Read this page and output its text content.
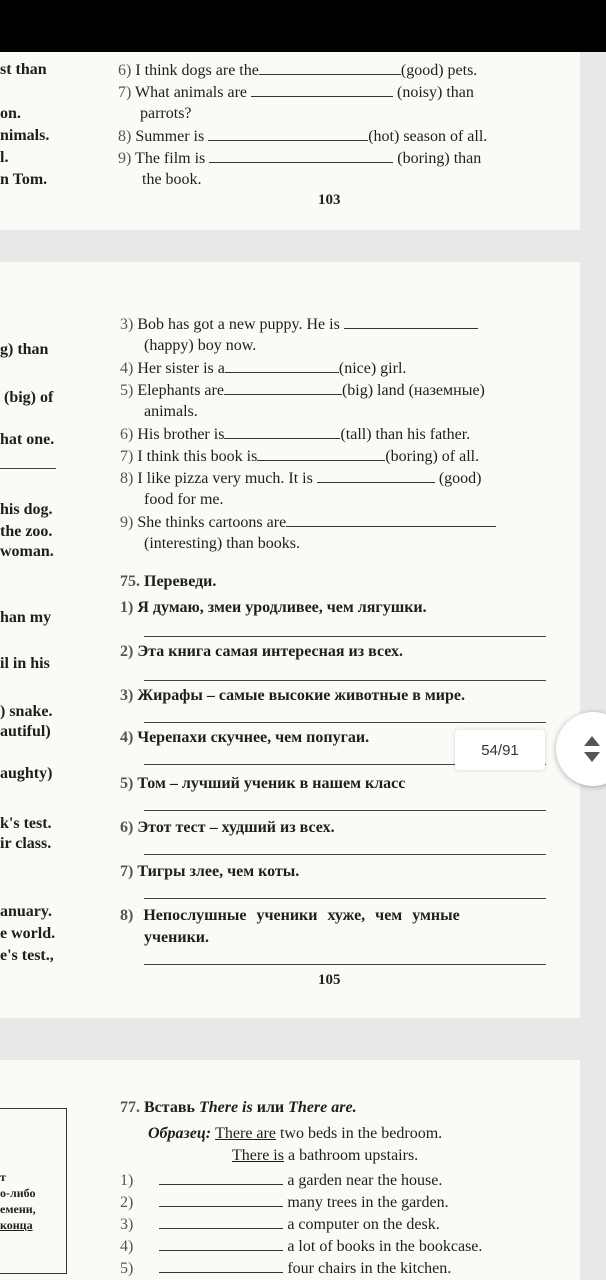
st than
on.
nimals.
l.
n Tom.
6) I think dogs are the	(good) pets.
7) What animals are	(noisy) than
parrots?
8) Summer is	(hot) season of all.
9) The film is	(boring) than
the book.
103
g) than
(big) of
hat one.
his dog.
the zoo.
woman.
han my
il in his
) snake.
autiful)
aughty)
k's test.
ir class.
anuary.
e world.
e's test.,
3) Bob has got a new puppy. He is
(happy) boy now.
4) Her sister is a	(nice) girl.
5) Elephants are	(big) land (наземные)
animals.
6) His brother is	(tall) than his father.
7) I think this book is	(boring) of all.
8) I like pizza very much. It is	(good)
food for me.
9) She thinks cartoons are
(interesting) than books.
75. Переведи.
1) Я думаю, змеи уродливее, чем лягушки.
2) Эта книга самая интересная из всех.
3) Жирафы – самые высокие животные в мире.
4) Черепахи скучнее, чем попугаи.
5) Том – лучший ученик в нашем класс
6) Этот тест – худший из всех.
7) Тигры злее, чем коты.
8) Непослушные ученики хуже, чем умные
ученики.
105
77. Вставь There is или There are.
Образец: There are two beds in the bedroom.
There is a bathroom upstairs.
1)	a garden near the house.
2)	many trees in the garden.
3)	a computer on the desk.
4)	a lot of books in the bookcase.
5)	four chairs in the kitchen.
т
о-либо
емени,
конца
54/91
